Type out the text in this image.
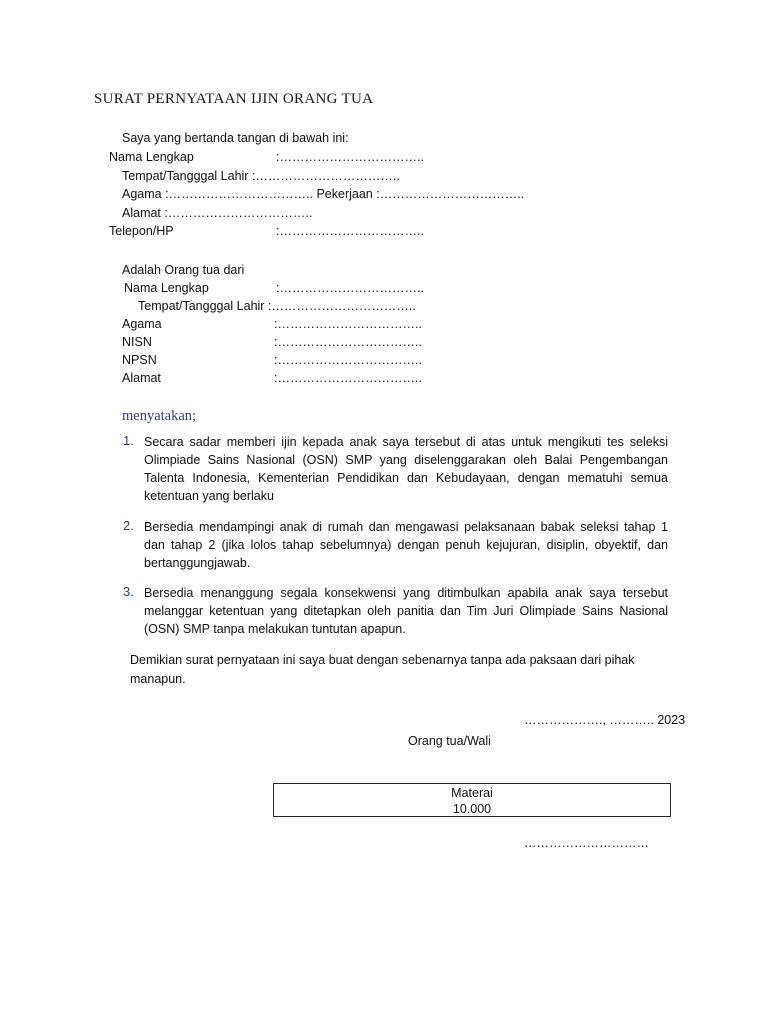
SURAT PERNYATAAN IJIN ORANG TUA
Saya yang bertanda tangan di bawah ini:
Nama Lengkap	:……………………………..
Tempat/Tangggal Lahir :……………………………..
Agama :…………………………….. Pekerjaan :……………………………..
Alamat :……………………………..
Telepon/HP	:……………………………..
Adalah Orang tua dari
Nama Lengkap	:……………………………..
Tempat/Tangggal Lahir :……………………………..
Agama	:……………………………..
NISN	:……………………………..
NPSN	:……………………………..
Alamat	:……………………………..
menyatakan;
1. Secara sadar memberi ijin kepada anak saya tersebut di atas untuk mengikuti tes seleksi Olimpiade Sains Nasional (OSN) SMP yang diselenggarakan oleh Balai Pengembangan Talenta Indonesia, Kementerian Pendidikan dan Kebudayaan, dengan mematuhi semua ketentuan yang berlaku
2. Bersedia mendampingi anak di rumah dan mengawasi pelaksanaan babak seleksi tahap 1 dan tahap 2 (jika lolos tahap sebelumnya) dengan penuh kejujuran, disiplin, obyektif, dan bertanggungjawab.
3. Bersedia menanggung segala konsekwensi yang ditimbulkan apabila anak saya tersebut melanggar ketentuan yang ditetapkan oleh panitia dan Tim Juri Olimpiade Sains Nasional (OSN) SMP tanpa melakukan tuntutan apapun.
Demikian surat pernyataan ini saya buat dengan sebenarnya tanpa ada paksaan dari pihak manapun.
………………., ……….. 2023
Orang tua/Wali
Materai
10.000
…………………………
